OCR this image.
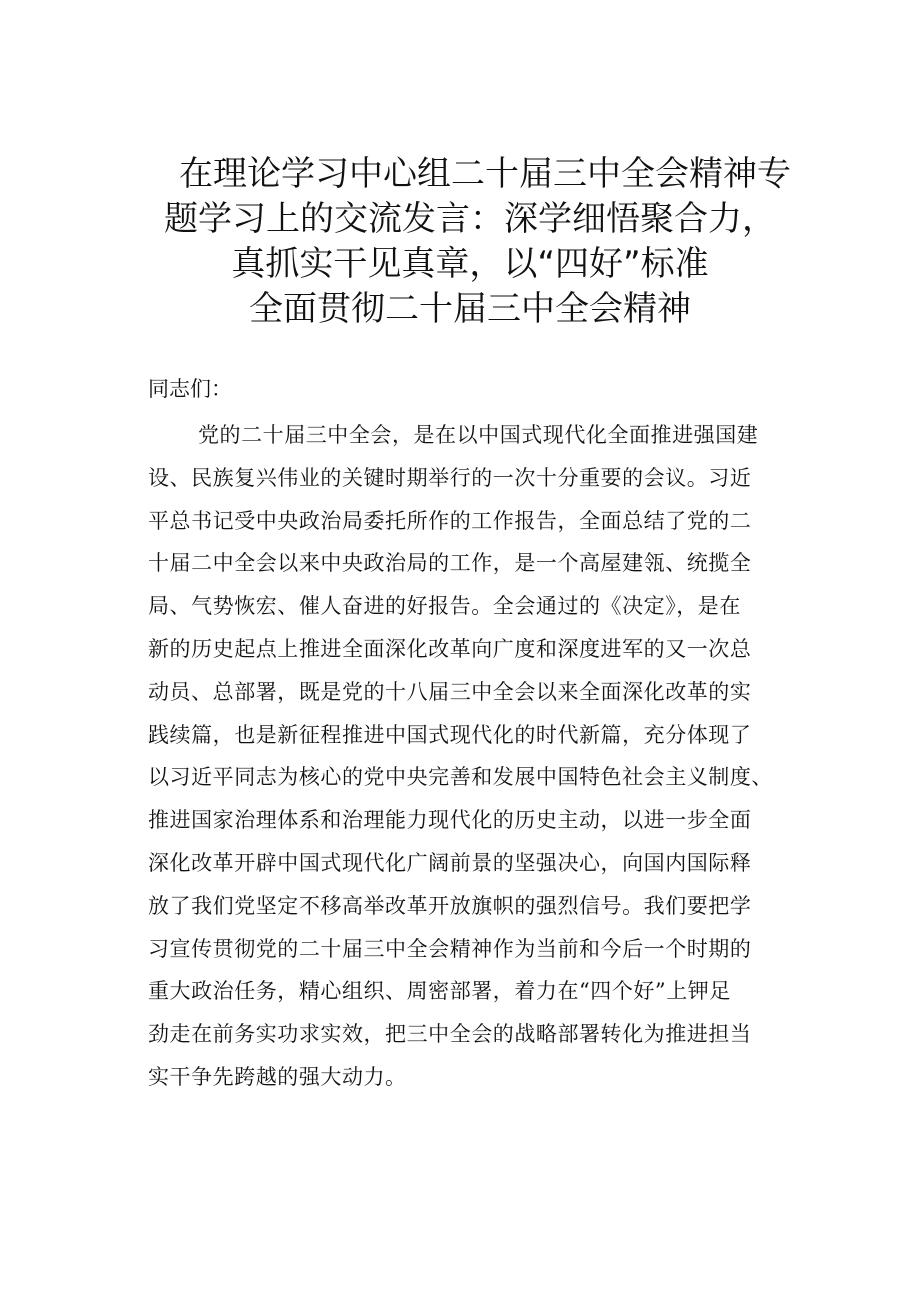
在理论学习中心组二十届三中全会精神专
题学习上的交流发言：深学细悟聚合力，
真抓实干见真章，以“四好”标准
全面贯彻二十届三中全会精神

同志们：

党的二十届三中全会，是在以中国式现代化全面推进强国建
设、民族复兴伟业的关键时期举行的一次十分重要的会议。习近
平总书记受中央政治局委托所作的工作报告，全面总结了党的二
十届二中全会以来中央政治局的工作，是一个高屋建瓴、统揽全
局、气势恢宏、催人奋进的好报告。全会通过的《决定》，是在
新的历史起点上推进全面深化改革向广度和深度进军的又一次总
动员、总部署，既是党的十八届三中全会以来全面深化改革的实
践续篇，也是新征程推进中国式现代化的时代新篇，充分体现了
以习近平同志为核心的党中央完善和发展中国特色社会主义制度、
推进国家治理体系和治理能力现代化的历史主动，以进一步全面
深化改革开辟中国式现代化广阔前景的坚强决心，向国内国际释
放了我们党坚定不移高举改革开放旗帜的强烈信号。我们要把学
习宣传贯彻党的二十届三中全会精神作为当前和今后一个时期的
重大政治任务，精心组织、周密部署，着力在“四个好”上钾足
劲走在前务实功求实效，把三中全会的战略部署转化为推进担当
实干争先跨越的强大动力。
